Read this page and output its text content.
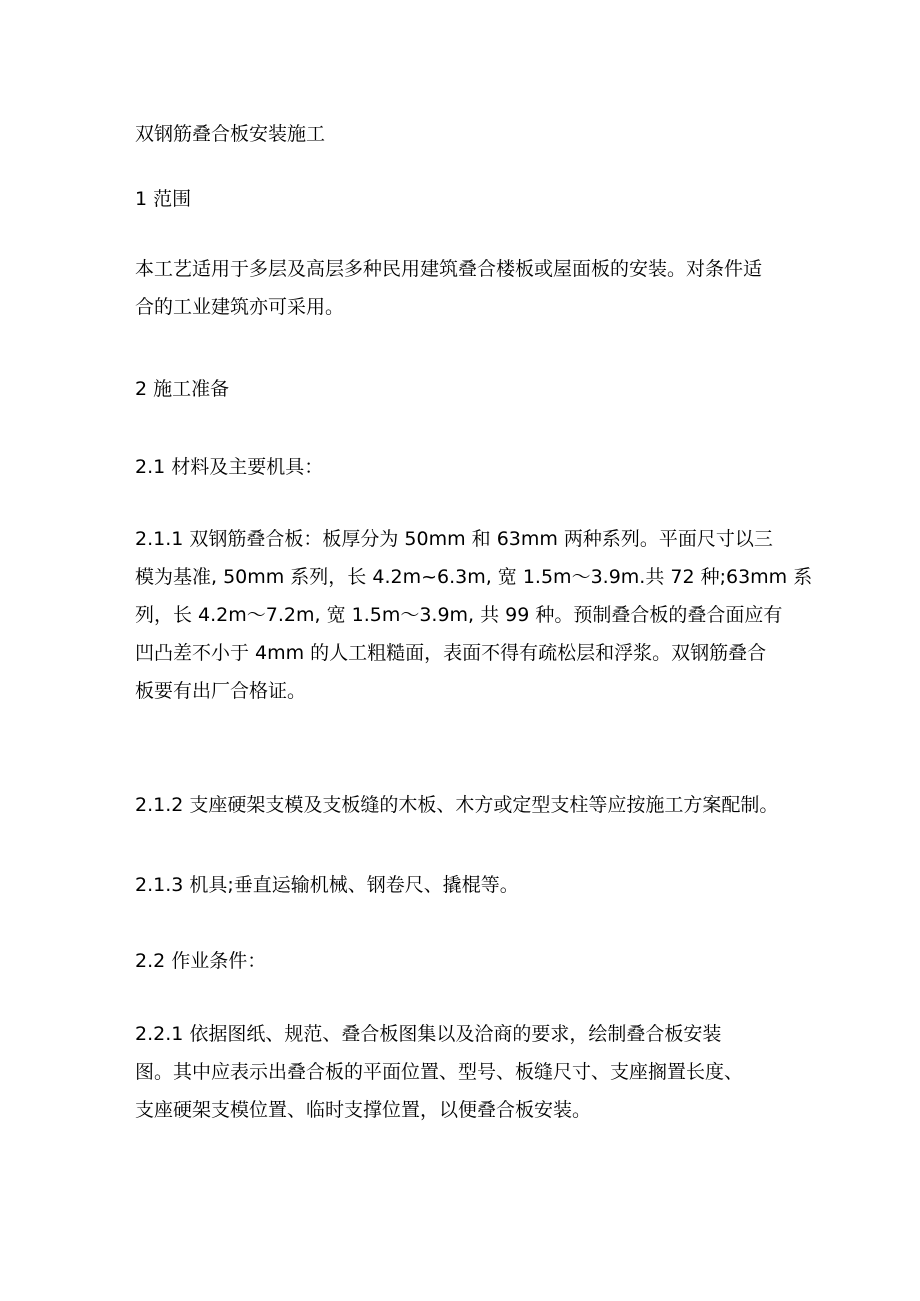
双钢筋叠合板安装施工

1 范围

本工艺适用于多层及高层多种民用建筑叠合楼板或屋面板的安装。对条件适
合的工业建筑亦可采用。

2 施工准备

2.1 材料及主要机具：

2.1.1 双钢筋叠合板：板厚分为 50mm 和 63mm 两种系列。平面尺寸以三
模为基准, 50mm 系列，长 4.2m~6.3m, 宽 1.5m～3.9m.共 72 种;63mm 系
列，长 4.2m～7.2m, 宽 1.5m～3.9m, 共 99 种。预制叠合板的叠合面应有
凹凸差不小于 4mm 的人工粗糙面，表面不得有疏松层和浮浆。双钢筋叠合
板要有出厂合格证。

2.1.2 支座硬架支模及支板缝的木板、木方或定型支柱等应按施工方案配制。

2.1.3 机具;垂直运输机械、钢卷尺、撬棍等。

2.2 作业条件：

2.2.1 依据图纸、规范、叠合板图集以及洽商的要求，绘制叠合板安装
图。其中应表示出叠合板的平面位置、型号、板缝尺寸、支座搁置长度、
支座硬架支模位置、临时支撑位置，以便叠合板安装。
